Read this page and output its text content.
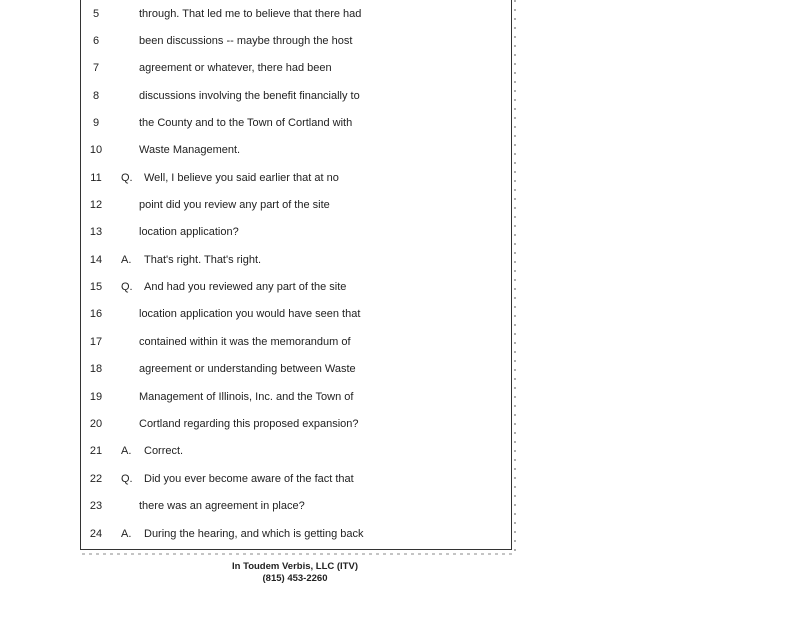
5	through. That led me to believe that there had
6	been discussions -- maybe through the host
7	agreement or whatever, there had been
8	discussions involving the benefit financially to
9	the County and to the Town of Cortland with
10	Waste Management.
11	Q. Well, I believe you said earlier that at no
12	point did you review any part of the site
13	location application?
14	A. That's right. That's right.
15	Q. And had you reviewed any part of the site
16	location application you would have seen that
17	contained within it was the memorandum of
18	agreement or understanding between Waste
19	Management of Illinois, Inc. and the Town of
20	Cortland regarding this proposed expansion?
21	A. Correct.
22	Q. Did you ever become aware of the fact that
23	there was an agreement in place?
24	A. During the hearing, and which is getting back
In Toudem Verbis, LLC (ITV)
(815) 453-2260
